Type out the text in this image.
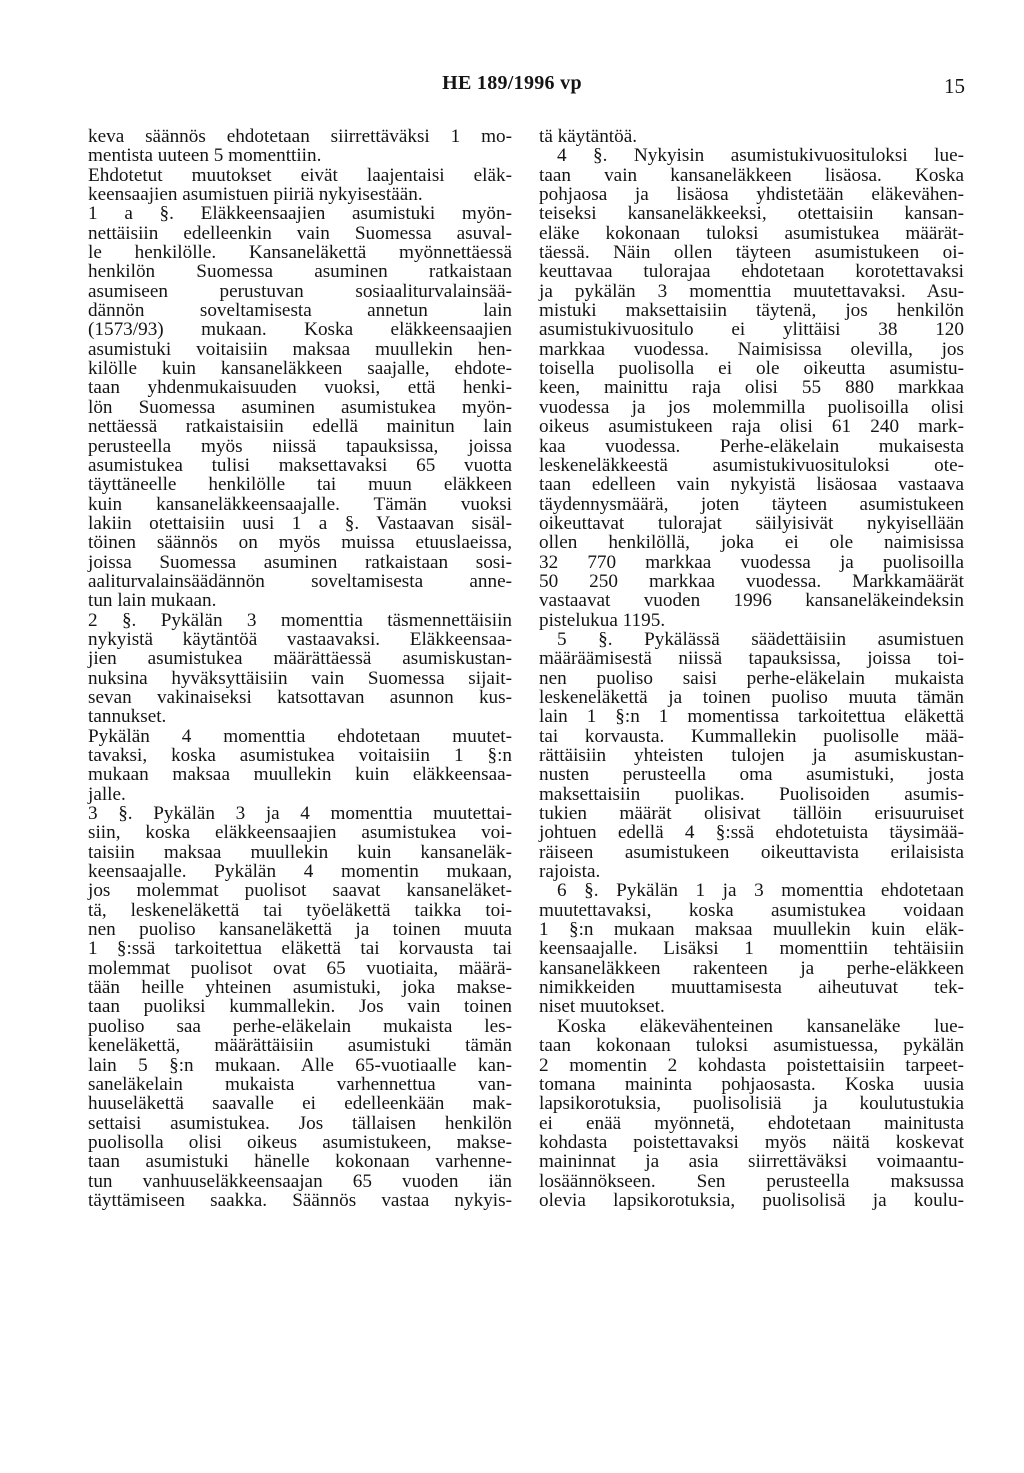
HE 189/1996 vp	15
keva säännös ehdotetaan siirrettäväksi 1 mo-
mentista uuteen 5 momenttiin.
Ehdotetut muutokset eivät laajentaisi eläk-
keensaajien asumistuen piiriä nykyisestään.
1 a §. Eläkkeensaajien asumistuki myön-
nettäisiin edelleenkin vain Suomessa asuval-
le henkilölle. Kansaneläkettä myönnettäessä
henkilön Suomessa asuminen ratkaistaan
asumiseen perustuvan sosiaaliturvalainsää-
dännön soveltamisesta annetun lain
(1573/93) mukaan. Koska eläkkeensaajien
asumistuki voitaisiin maksaa muullekin hen-
kilölle kuin kansaneläkkeen saajalle, ehdote-
taan yhdenmukaisuuden vuoksi, että henki-
lön Suomessa asuminen asumistukea myön-
nettäessä ratkaistaisiin edellä mainitun lain
perusteella myös niissä tapauksissa, joissa
asumistukea tulisi maksettavaksi 65 vuotta
täyttäneelle henkilölle tai muun eläkkeen
kuin kansaneläkkeensaajalle. Tämän vuoksi
lakiin otettaisiin uusi 1 a §. Vastaavan sisäl-
töinen säännös on myös muissa etuuslaeissa,
joissa Suomessa asuminen ratkaistaan sosi-
aaliturvalainsäädännön soveltamisesta anne-
tun lain mukaan.
2 §. Pykälän 3 momenttia täsmennettäisiin
nykyistä käytäntöä vastaavaksi. Eläkkeensaa-
jien asumistukea määrättäessä asumiskustan-
nuksina hyväksyttäisiin vain Suomessa sijait-
sevan vakinaiseksi katsottavan asunnon kus-
tannukset.
Pykälän 4 momenttia ehdotetaan muutet-
tavaksi, koska asumistukea voitaisiin 1 §:n
mukaan maksaa muullekin kuin eläkkeensaa-
jalle.
3 §. Pykälän 3 ja 4 momenttia muutettai-
siin, koska eläkkeensaajien asumistukea voi-
taisiin maksaa muullekin kuin kansaneläk-
keensaajalle. Pykälän 4 momentin mukaan,
jos molemmat puolisot saavat kansaneläket-
tä, leskeneläkettä tai työeläkettä taikka toi-
nen puoliso kansaneläkettä ja toinen muuta
1 §:ssä tarkoitettua eläkettä tai korvausta tai
molemmat puolisot ovat 65 vuotiaita, määrä-
tään heille yhteinen asumistuki, joka makse-
taan puoliksi kummallekin. Jos vain toinen
puoliso saa perhe-eläkelain mukaista les-
keneläkettä, määrättäisiin asumistuki tämän
lain 5 §:n mukaan. Alle 65-vuotiaalle kan-
saneläkelain mukaista varhennettua van-
huuseläkettä saavalle ei edelleenkään mak-
settaisi asumistukea. Jos tällaisen henkilön
puolisolla olisi oikeus asumistukeen, makse-
taan asumistuki hänelle kokonaan varhenne-
tun vanhuuseläkkeensaajan 65 vuoden iän
täyttämiseen saakka. Säännös vastaa nykyis-
tä käytäntöä.
4 §. Nykyisin asumistukivuosituloksi lue-
taan vain kansaneläkkeen lisäosa. Koska
pohjaosa ja lisäosa yhdistetään eläkevähen-
teiseksi kansaneläkkeeksi, otettaisiin kansan-
eläke kokonaan tuloksi asumistukea määrät-
täessä. Näin ollen täyteen asumistukeen oi-
keuttavaa tulorajaa ehdotetaan korotettavaksi
ja pykälän 3 momenttia muutettavaksi. Asu-
mistuki maksettaisiin täytenä, jos henkilön
asumistukivuositulo ei ylittäisi 38 120
markkaa vuodessa. Naimisissa olevilla, jos
toisella puolisolla ei ole oikeutta asumistu-
keen, mainittu raja olisi 55 880 markkaa
vuodessa ja jos molemmilla puolisoilla olisi
oikeus asumistukeen raja olisi 61 240 mark-
kaa vuodessa. Perhe-eläkelain mukaisesta
leskeneläkkeestä asumistukivuosituloksi ote-
taan edelleen vain nykyistä lisäosaa vastaava
täydennysmäärä, joten täyteen asumistukeen
oikeuttavat tulorajat säilyisivät nykyisellään
ollen henkilöllä, joka ei ole naimisissa
32 770 markkaa vuodessa ja puolisoilla
50 250 markkaa vuodessa. Markkamäärät
vastaavat vuoden 1996 kansaneläkeindeksin
pistelukua 1195.
5 §. Pykälässä säädettäisiin asumistuen
määräämisestä niissä tapauksissa, joissa toi-
nen puoliso saisi perhe-eläkelain mukaista
leskeneläkettä ja toinen puoliso muuta tämän
lain 1 §:n 1 momentissa tarkoitettua eläkettä
tai korvausta. Kummallekin puolisolle mää-
rättäisiin yhteisten tulojen ja asumiskustan-
nusten perusteella oma asumistuki, josta
maksettaisiin puolikas. Puolisoiden asumis-
tukien määrät olisivat tällöin erisuuruiset
johtuen edellä 4 §:ssä ehdotetuista täysimää-
räiseen asumistukeen oikeuttavista erilaisista
rajoista.
6 §. Pykälän 1 ja 3 momenttia ehdotetaan
muutettavaksi, koska asumistukea voidaan
1 §:n mukaan maksaa muullekin kuin eläk-
keensaajalle. Lisäksi 1 momenttiin tehtäisiin
kansaneläkkeen rakenteen ja perhe-eläkkeen
nimikkeiden muuttamisesta aiheutuvat tek-
niset muutokset.
Koska eläkevähenteinen kansaneläke lue-
taan kokonaan tuloksi asumistuessa, pykälän
2 momentin 2 kohdasta poistettaisiin tarpeet-
tomana maininta pohjaosasta. Koska uusia
lapsikorotuksia, puolisolisiä ja koulutustukia
ei enää myönnetä, ehdotetaan mainitusta
kohdasta poistettavaksi myös näitä koskevat
maininnat ja asia siirrettäväksi voimaantu-
losäännökseen. Sen perusteella maksussa
olevia lapsikorotuksia, puolisolisä ja koulu-
